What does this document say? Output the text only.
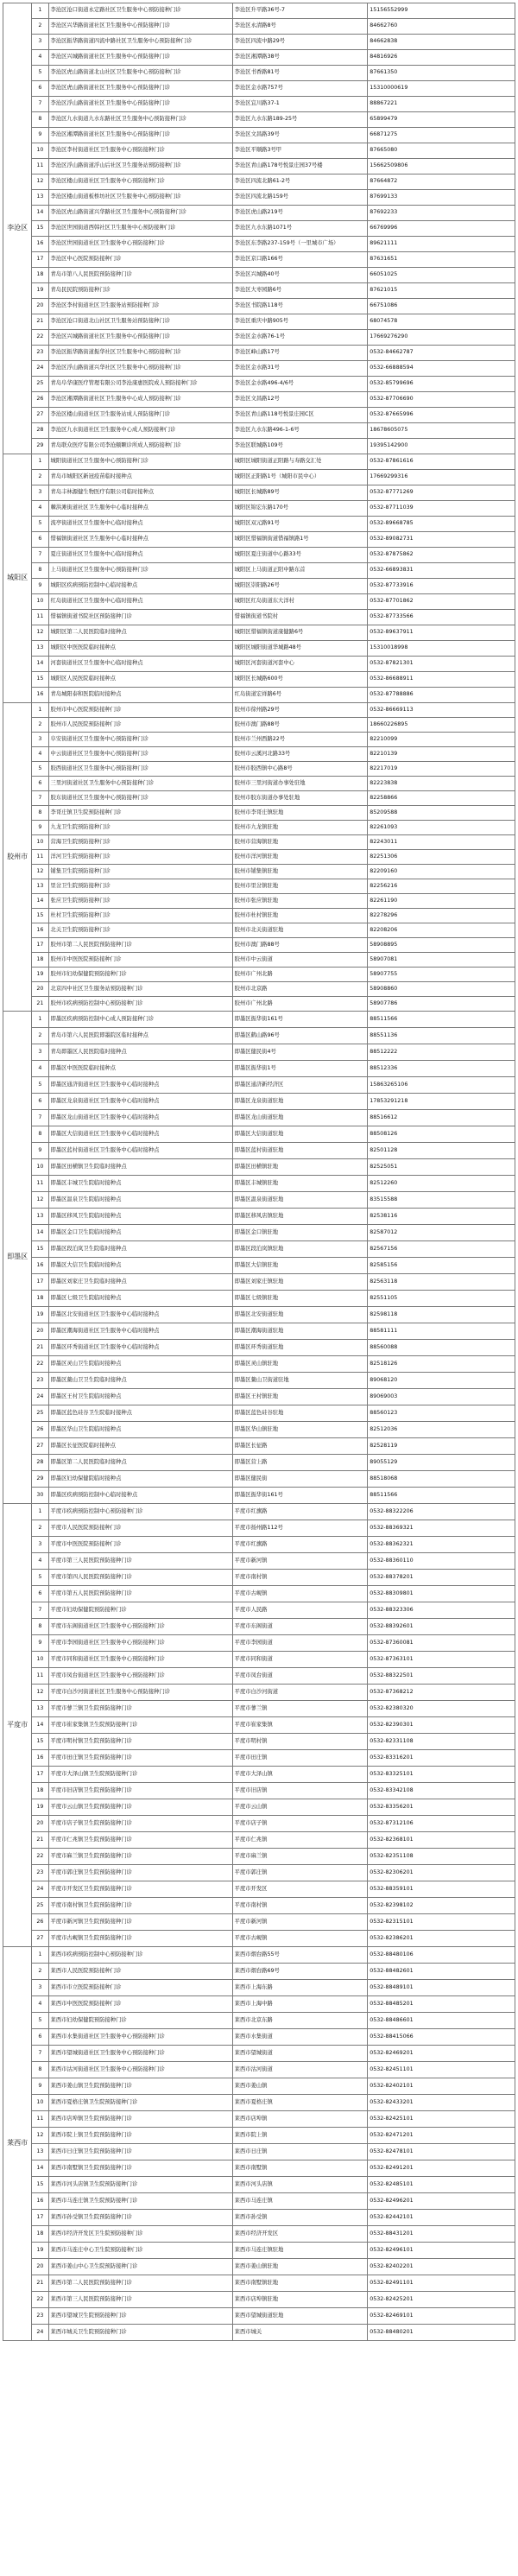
李沧区	1	李沧区沧口街道永定路社区卫生服务中心预防接种门诊	李沧区升平路36号-7	15156552999
	2	李沧区兴华路街道社区卫生服务中心预防接种门诊	李沧区永清路8号	84662760
	3	李沧区振华路街道四流中路社区卫生服务中心预防接种门诊	李沧区四流中路29号	84662838
	4	李沧区兴城路街道社区卫生服务中心预防接种门诊	李沧区湘潭路38号	84816926
	5	李沧区虎山路街道北山社区卫生服务中心预防接种门诊	李沧区书香路81号	87661350
	6	李沧区虎山路街道社区卫生服务中心预防接种门诊	李沧区金水路757号	15310000619
	7	李沧区浮山路街道社区卫生服务中心预防接种门诊	李沧区宜川路37-1	88867221
	8	李沧区九水街道九水东路社区卫生服务中心预防接种门诊	李沧区九水东路189-25号	65899479
	9	李沧区湘潭路街道社区卫生服务中心预防接种门诊	李沧区文昌路39号	66871275
	10	李沧区李村街道社区卫生服务中心预防接种门诊	李沧区平顺路3号甲	87665080
	11	李沧区浮山路街道浮山后社区卫生服务站预防接种门诊	李沧区青山路178号悦景庄园37号楼	15662509806
	12	李沧区楼山街道社区卫生服务中心预防接种门诊	李沧区四流北路61-2号	87664872
	13	李沧区楼山街道板桥坊社区卫生服务中心预防接种门诊	李沧区四流北路159号	87699133
	14	李沧区虎山路街道兴华路社区卫生服务中心预防接种门诊	李沧区虎山路219号	87692233
	15	李沧区世园街道西韩社区卫生服务中心预防接种门诊	李沧区九水东路1071号	66769996
	16	李沧区世园街道社区卫生服务中心预防接种门诊	李沧区东李路237-159号（一里城市广场）	89621111
	17	李沧区中心医院预防接种门诊	李沧区京口路166号	87631651
	18	青岛市第八人民医院预防接种门诊	李沧区兴城路40号	66051025
	19	青岛民民院预防接种门诊	李沧区大枣园路6号	87621015
	20	李沧区李村街道社区卫生服务站预防接种门诊	李沧区书院路118号	66751086
	21	李沧区沧口街道北山社区卫生服务站预防接种门诊	李沧区重庆中路905号	68074578
	22	李沧区兴城路街道社区卫生服务中心预防接种门诊	李沧区金水路76-1号	17669276290
	23	李沧区振华路街道振华社区卫生服务中心预防接种门诊	李沧区峰山路17号	0532-84662787
	24	李沧区浮山路街道兴华社区卫生服务中心预防接种门诊	李沧区金水路31号	0532-66888594
	25	青岛阜华康医疗管理有限公司李沧康惠医院成人预防接种门诊	李沧区金水路496-4/6号	0532-85799696
	26	李沧区湘潭路街道社区卫生服务中心成人预防接种门诊	李沧区文昌路12号	0532-87706690
	27	李沧区楼山街道社区卫生服务站成人预防接种门诊	李沧区青山路118号悦景庄园C区	0532-87665996
	28	李沧区九水街道社区卫生服务中心成人预防接种门诊	李沧区九水东路496-1-6号	18678605075
	29	青岛联众医疗有限公司李沧颐颗诊所成人预防接种门诊	李沧区联城路109号	19395142900
城阳区	1	城阳街道社区卫生服务中心预防接种门诊	城阳区城阳街道正阳路与寿路交汇处	0532-87861616
	2	青岛市城阳区新冠疫苗临时接种点	城阳区正阳路1号（城阳市民中心）	17669299316
	3	青岛丰林源健生物医疗有限公司临时接种点	城阳区长城路89号	0532-87771269
	4	棘洪滩街道社区卫生服务中心临时接种点	城阳区锦宏东路170号	0532-87711039
	5	流亭街道社区卫生服务中心临时接种点	城阳区双元路91号	0532-89668785
	6	惜福镇街道社区卫生服务中心临时接种点	城阳区惜福镇街道惜福镇路1号	0532-89082731
	7	夏庄街道社区卫生服务中心临时接种点	城阳区夏庄街道中心路33号	0532-87875862
	8	上马街道社区卫生服务中心预防接种门诊	城阳区上马街道正阳中路东首	0532-66893831
	9	城阳区疾病预防控制中心临时接种点	城阳区崇阳路26号	0532-87733916
	10	红岛街道社区卫生服务中心临时接种点	城阳区红岛街道东大洋村	0532-87701862
	11	惜福镇街道书院社区预防接种门诊	惜福镇街道书院村	0532-87733566
	12	城阳区第二人民医院临时接种点	城阳区惜福镇街道康健路6号	0532-89637911
	13	城阳区中医医院临时接种点	城阳区城阳街道华城路48号	15310018998
	14	河套街道社区卫生服务中心临时接种点	城阳区河套街道河套中心	0532-87821301
	15	城阳区人民医院临时接种点	城阳区长城路600号	0532-86688911
	16	青岛城阳泰和医院临时接种点	红岛街道宏祥路6号	0532-87788886
胶州市	1	胶州市中心医院预防接种门诊	胶州市徐州路29号	0532-86669113
	2	胶州市人民医院预防接种门诊	胶州市澳门路88号	18660226895
	3	阜安街道社区卫生服务中心预防接种门诊	胶州市兰州西路22号	82210099
	4	中云街道社区卫生服务中心预防接种门诊	胶州市云溪河北路33号	82210139
	5	胶西街道社区卫生服务中心预防接种门诊	胶州市胶西镇中心路8号	82217019
	6	三里河街道社区卫生服务中心预防接种门诊	胶州市三里河街道办事处驻地	82223838
	7	胶东街道社区卫生服务中心预防接种门诊	胶州市胶东街道办事处驻地	82258866
	8	李哥庄镇卫生院预防接种门诊	胶州市李哥庄镇驻地	85209588
	9	九龙卫生院预防接种门诊	胶州市九龙镇驻地	82261093
	10	营海卫生院预防接种门诊	胶州市营海镇驻地	82243011
	11	洋河卫生院预防接种门诊	胶州市洋河镇驻地	82251306
	12	铺集卫生院预防接种门诊	胶州市铺集镇驻地	82209160
	13	里岔卫生院预防接种门诊	胶州市里岔镇驻地	82256216
	14	张应卫生院预防接种门诊	胶州市张应镇驻地	82261190
	15	杜村卫生院预防接种门诊	胶州市杜村镇驻地	82278296
	16	北关卫生院预防接种门诊	胶州市北关街道驻地	82208206
	17	胶州市第二人民医院预防接种门诊	胶州市澳门路88号	58908895
	18	胶州市中医医院预防接种门诊	胶州市中云街道	58907081
	19	胶州市妇幼保健院预防接种门诊	胶州市广州北路	58907755
	20	北京四中社区卫生服务站预防接种门诊	胶州市北京路	58908860
	21	胶州市疾病预防控制中心预防接种门诊	胶州市广州北路	58907786
即墨区	1	即墨区疾病预防控制中心成人预防接种门诊	即墨区振华街161号	88511566
	2	青岛市第六人民医院即墨院区临时接种点	即墨区鹤山路96号	88551136
	3	青岛即墨区人民医院临时接种点	即墨区健民街4号	88512222
	4	即墨区中医医院临时接种点	即墨区振华街1号	88512336
	5	即墨区通济街道社区卫生服务中心临时接种点	即墨区通济新经济区	15863265106
	6	即墨区龙泉街道社区卫生服务中心临时接种点	即墨区龙泉街道驻地	17853291218
	7	即墨区龙山街道社区卫生服务中心临时接种点	即墨区龙山街道驻地	88516612
	8	即墨区大信街道社区卫生服务中心临时接种点	即墨区大信街道驻地	88508126
	9	即墨区蓝村街道社区卫生服务中心临时接种点	即墨区蓝村街道驻地	82501128
	10	即墨区田横镇卫生院临时接种点	即墨区田横镇驻地	82525051
	11	即墨区丰城卫生院临时接种点	即墨区丰城镇驻地	82512260
	12	即墨区温泉卫生院临时接种点	即墨区温泉街道驻地	83515588
	13	即墨区移风卫生院临时接种点	即墨区移风店镇驻地	82538116
	14	即墨区金口卫生院临时接种点	即墨区金口镇驻地	82587012
	15	即墨区段泊岚卫生院临时接种点	即墨区段泊岚镇驻地	82567156
	16	即墨区大信卫生院临时接种点	即墨区大信镇驻地	82585156
	17	即墨区刘家庄卫生院临时接种点	即墨区刘家庄镇驻地	82563118
	18	即墨区七级卫生院临时接种点	即墨区七级镇驻地	82551105
	19	即墨区北安街道社区卫生服务中心临时接种点	即墨区北安街道驻地	82598118
	20	即墨区潮海街道社区卫生服务中心临时接种点	即墨区潮海街道驻地	88581111
	21	即墨区环秀街道社区卫生服务中心临时接种点	即墨区环秀街道驻地	88560088
	22	即墨区灵山卫生院临时接种点	即墨区灵山镇驻地	82518126
	23	即墨区鳌山卫卫生院临时接种点	即墨区鳌山卫街道驻地	89068120
	24	即墨区王村卫生院临时接种点	即墨区王村镇驻地	89069003
	25	即墨区蓝色硅谷卫生院临时接种点	即墨区蓝色硅谷驻地	88560123
	26	即墨区华山卫生院临时接种点	即墨区华山镇驻地	82512036
	27	即墨区长征医院临时接种点	即墨区长征路	82528119
	28	即墨区第二人民医院临时接种点	即墨区营上路	89055129
	29	即墨区妇幼保健院临时接种点	即墨区健民街	88518068
	30	即墨区疾病预防控制中心临时接种点	即墨区振华街161号	88511566
平度市	1	平度市疾病预防控制中心预防接种门诊	平度市红旗路	0532-88322206
	2	平度市人民医院预防接种门诊	平度市扬州路112号	0532-88369321
	3	平度市中医医院预防接种门诊	平度市红旗路	0532-88362321
	4	平度市第三人民医院预防接种门诊	平度市新河镇	0532-88360110
	5	平度市第四人民医院预防接种门诊	平度市南村镇	0532-88378201
	6	平度市第五人民医院预防接种门诊	平度市古岘镇	0532-88309801
	7	平度市妇幼保健院预防接种门诊	平度市人民路	0532-88323306
	8	平度市东阁街道社区卫生服务中心预防接种门诊	平度市东阁街道	0532-88392601
	9	平度市李园街道社区卫生服务中心预防接种门诊	平度市李园街道	0532-87360081
	10	平度市同和街道社区卫生服务中心预防接种门诊	平度市同和街道	0532-87363101
	11	平度市凤台街道社区卫生服务中心预防接种门诊	平度市凤台街道	0532-88322501
	12	平度市白沙河街道社区卫生服务中心预防接种门诊	平度市白沙河街道	0532-87368212
	13	平度市蓼兰镇卫生院预防接种门诊	平度市蓼兰镇	0532-82380320
	14	平度市崔家集镇卫生院预防接种门诊	平度市崔家集镇	0532-82390301
	15	平度市明村镇卫生院预防接种门诊	平度市明村镇	0532-82331108
	16	平度市田庄镇卫生院预防接种门诊	平度市田庄镇	0532-83316201
	17	平度市大泽山镇卫生院预防接种门诊	平度市大泽山镇	0532-83325101
	18	平度市旧店镇卫生院预防接种门诊	平度市旧店镇	0532-83342108
	19	平度市云山镇卫生院预防接种门诊	平度市云山镇	0532-83356201
	20	平度市店子镇卫生院预防接种门诊	平度市店子镇	0532-87312106
	21	平度市仁兆镇卫生院预防接种门诊	平度市仁兆镇	0532-82368101
	22	平度市麻兰镇卫生院预防接种门诊	平度市麻兰镇	0532-82351108
	23	平度市郭庄镇卫生院预防接种门诊	平度市郭庄镇	0532-82306201
	24	平度市开发区卫生院预防接种门诊	平度市开发区	0532-88359101
	25	平度市南村镇卫生院预防接种门诊	平度市南村镇	0532-82398102
	26	平度市新河镇卫生院预防接种门诊	平度市新河镇	0532-82315101
	27	平度市古岘镇卫生院预防接种门诊	平度市古岘镇	0532-82386201
莱西市	1	莱西市疾病预防控制中心预防接种门诊	莱西市烟台路55号	0532-88480106
	2	莱西市人民医院预防接种门诊	莱西市烟台路69号	0532-88482601
	3	莱西市市立医院预防接种门诊	莱西市上海东路	0532-88489101
	4	莱西市中医医院预防接种门诊	莱西市上海中路	0532-88485201
	5	莱西市妇幼保健院预防接种门诊	莱西市北京东路	0532-88486601
	6	莱西市水集街道社区卫生服务中心预防接种门诊	莱西市水集街道	0532-88415066
	7	莱西市望城街道社区卫生服务中心预防接种门诊	莱西市望城街道	0532-82469201
	8	莱西市沽河街道社区卫生服务中心预防接种门诊	莱西市沽河街道	0532-82451101
	9	莱西市姜山镇卫生院预防接种门诊	莱西市姜山镇	0532-82402101
	10	莱西市夏格庄镇卫生院预防接种门诊	莱西市夏格庄镇	0532-82433201
	11	莱西市店埠镇卫生院预防接种门诊	莱西市店埠镇	0532-82425101
	12	莱西市院上镇卫生院预防接种门诊	莱西市院上镇	0532-82471201
	13	莱西市日庄镇卫生院预防接种门诊	莱西市日庄镇	0532-82478101
	14	莱西市南墅镇卫生院预防接种门诊	莱西市南墅镇	0532-82491201
	15	莱西市河头店镇卫生院预防接种门诊	莱西市河头店镇	0532-82485101
	16	莱西市马连庄镇卫生院预防接种门诊	莱西市马连庄镇	0532-82496201
	17	莱西市孙受镇卫生院预防接种门诊	莱西市孙受镇	0532-82442101
	18	莱西市经济开发区卫生院预防接种门诊	莱西市经济开发区	0532-88431201
	19	莱西市马连庄中心卫生院预防接种门诊	莱西市马连庄镇驻地	0532-82496101
	20	莱西市姜山中心卫生院预防接种门诊	莱西市姜山镇驻地	0532-82402201
	21	莱西市第二人民医院预防接种门诊	莱西市南墅镇驻地	0532-82491101
	22	莱西市第三人民医院预防接种门诊	莱西市店埠镇驻地	0532-82425201
	23	莱西市望城卫生院预防接种门诊	莱西市望城街道驻地	0532-82469101
	24	莱西市城关卫生院预防接种门诊	莱西市城关	0532-88480201
